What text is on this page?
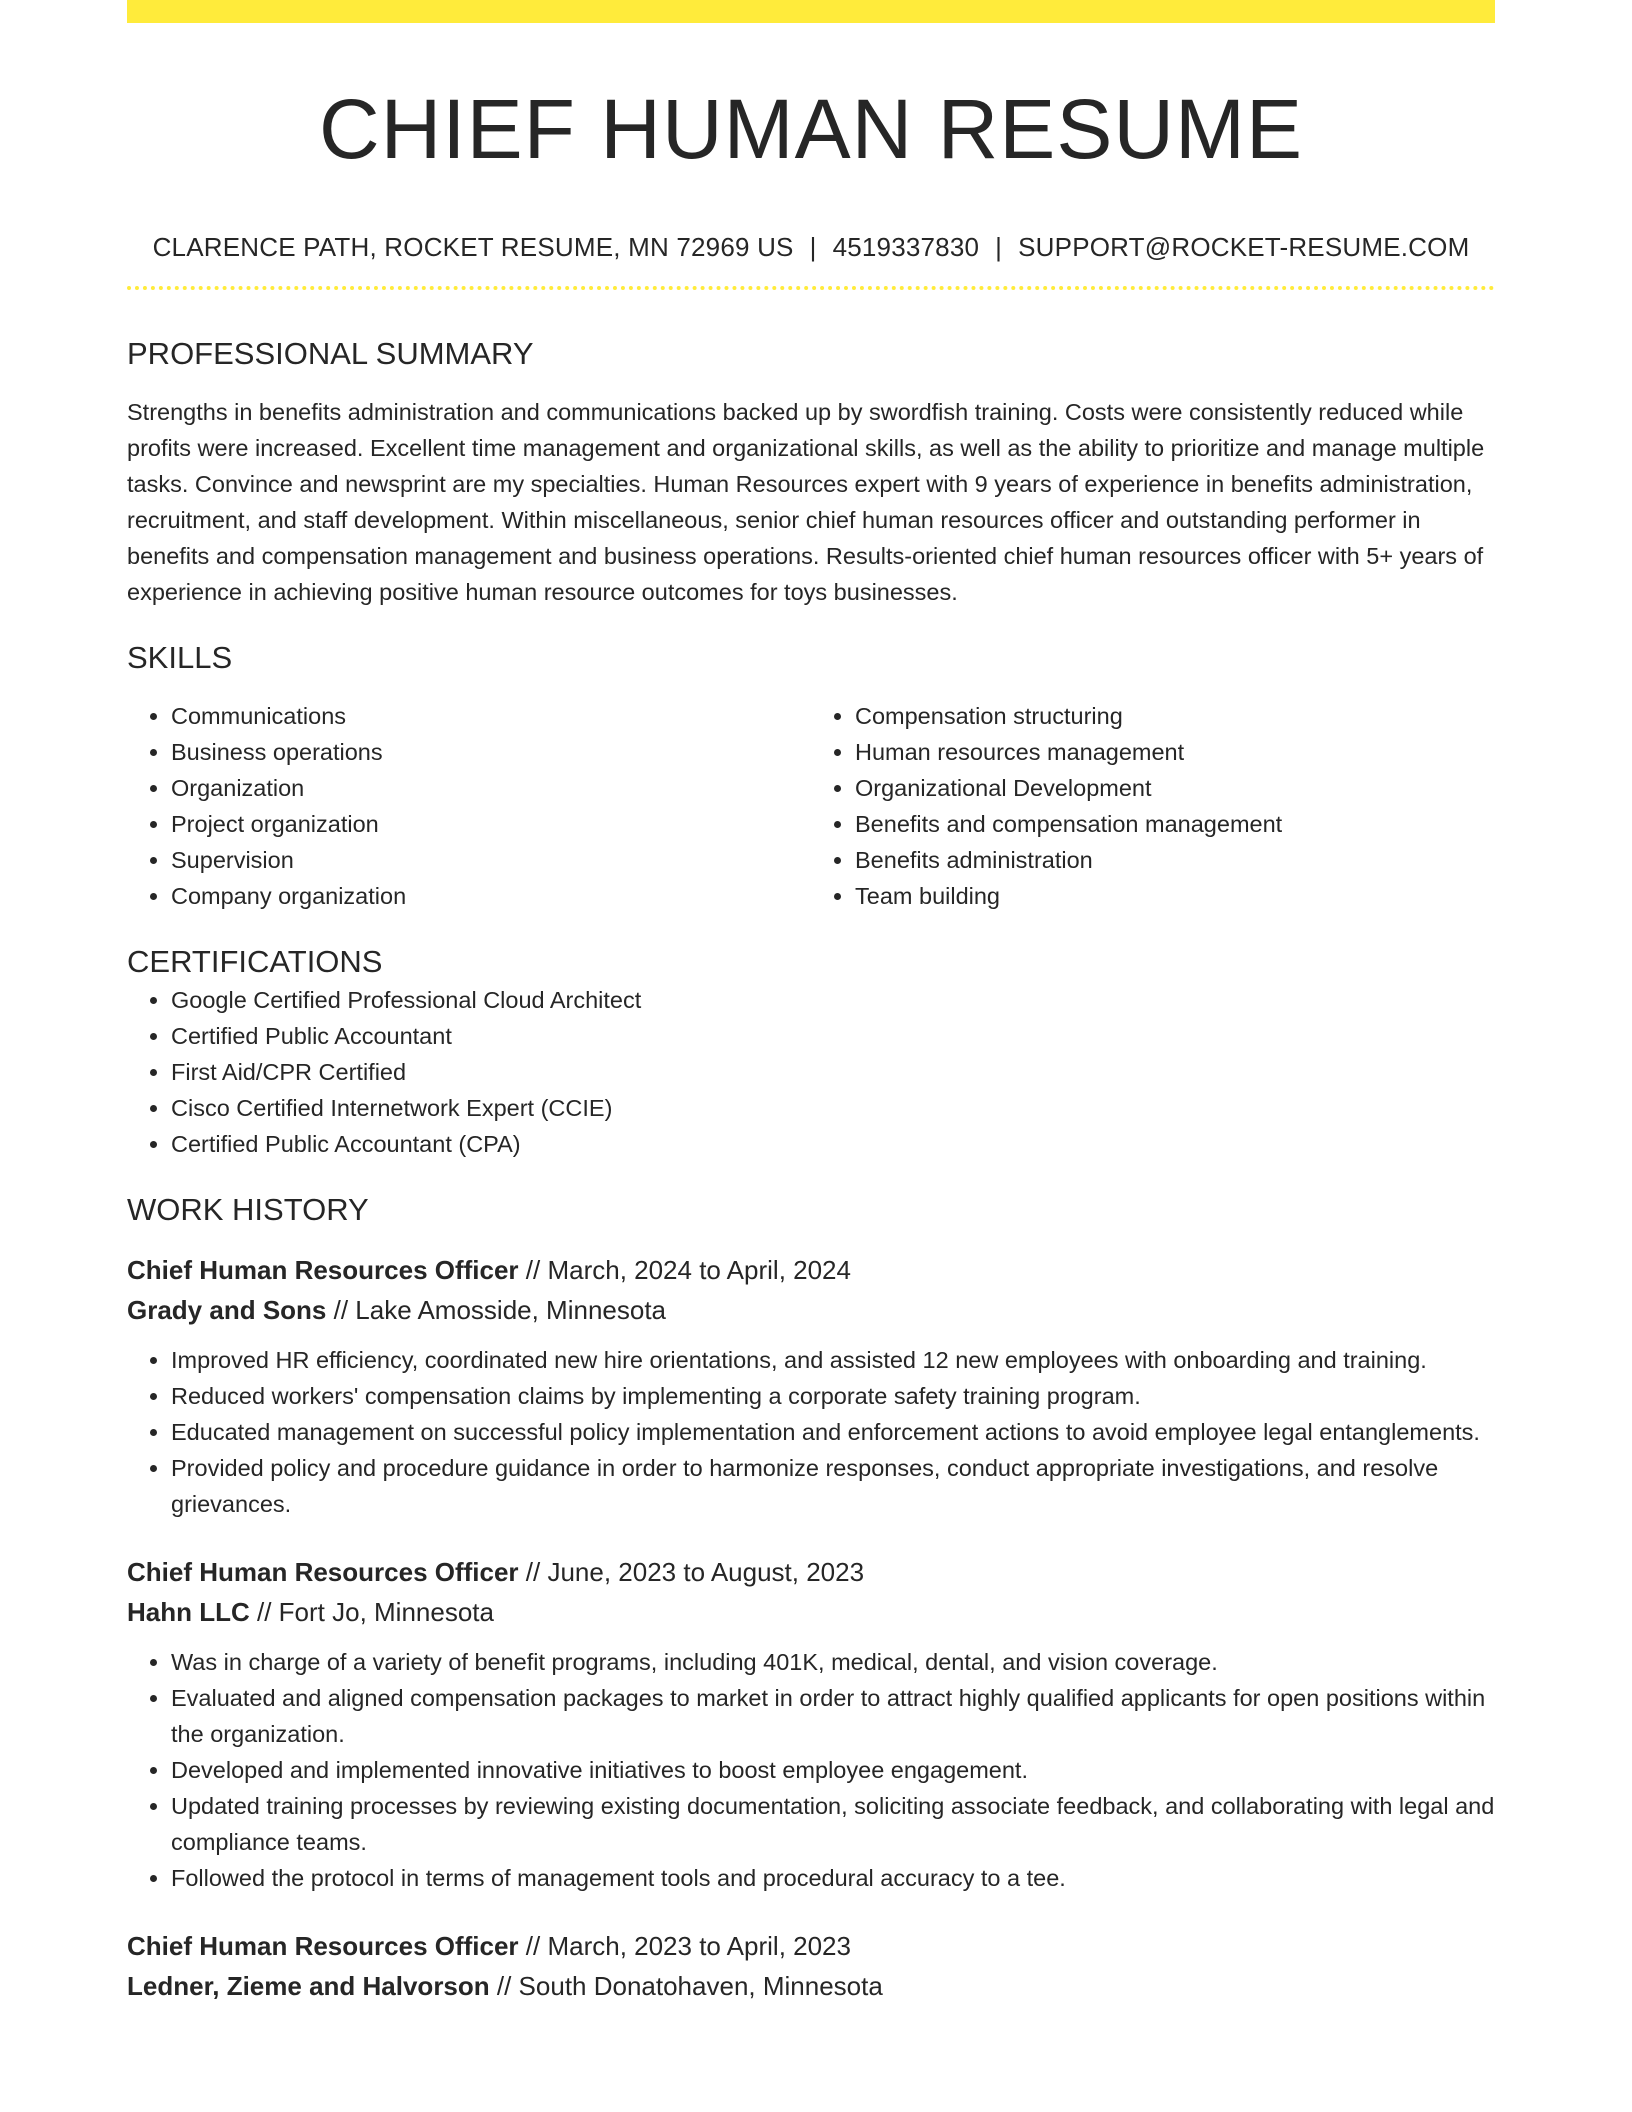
CHIEF HUMAN RESUME
CLARENCE PATH, ROCKET RESUME, MN 72969 US | 4519337830 | SUPPORT@ROCKET-RESUME.COM
PROFESSIONAL SUMMARY

Strengths in benefits administration and communications backed up by swordfish training. Costs were consistently reduced while profits were increased. Excellent time management and organizational skills, as well as the ability to prioritize and manage multiple tasks. Convince and newsprint are my specialties. Human Resources expert with 9 years of experience in benefits administration, recruitment, and staff development. Within miscellaneous, senior chief human resources officer and outstanding performer in benefits and compensation management and business operations. Results-oriented chief human resources officer with 5+ years of experience in achieving positive human resource outcomes for toys businesses.

SKILLS
• Communications
• Business operations
• Organization
• Project organization
• Supervision
• Company organization
• Compensation structuring
• Human resources management
• Organizational Development
• Benefits and compensation management
• Benefits administration
• Team building
CERTIFICATIONS
• Google Certified Professional Cloud Architect
• Certified Public Accountant
• First Aid/CPR Certified
• Cisco Certified Internetwork Expert (CCIE)
• Certified Public Accountant (CPA)
WORK HISTORY
Chief Human Resources Officer // March, 2024 to April, 2024
Grady and Sons // Lake Amosside, Minnesota
• Improved HR efficiency, coordinated new hire orientations, and assisted 12 new employees with onboarding and training.
• Reduced workers' compensation claims by implementing a corporate safety training program.
• Educated management on successful policy implementation and enforcement actions to avoid employee legal entanglements.
• Provided policy and procedure guidance in order to harmonize responses, conduct appropriate investigations, and resolve grievances.
Chief Human Resources Officer // June, 2023 to August, 2023
Hahn LLC // Fort Jo, Minnesota
• Was in charge of a variety of benefit programs, including 401K, medical, dental, and vision coverage.
• Evaluated and aligned compensation packages to market in order to attract highly qualified applicants for open positions within the organization.
• Developed and implemented innovative initiatives to boost employee engagement.
• Updated training processes by reviewing existing documentation, soliciting associate feedback, and collaborating with legal and compliance teams.
• Followed the protocol in terms of management tools and procedural accuracy to a tee.
Chief Human Resources Officer // March, 2023 to April, 2023
Ledner, Zieme and Halvorson // South Donatohaven, Minnesota
